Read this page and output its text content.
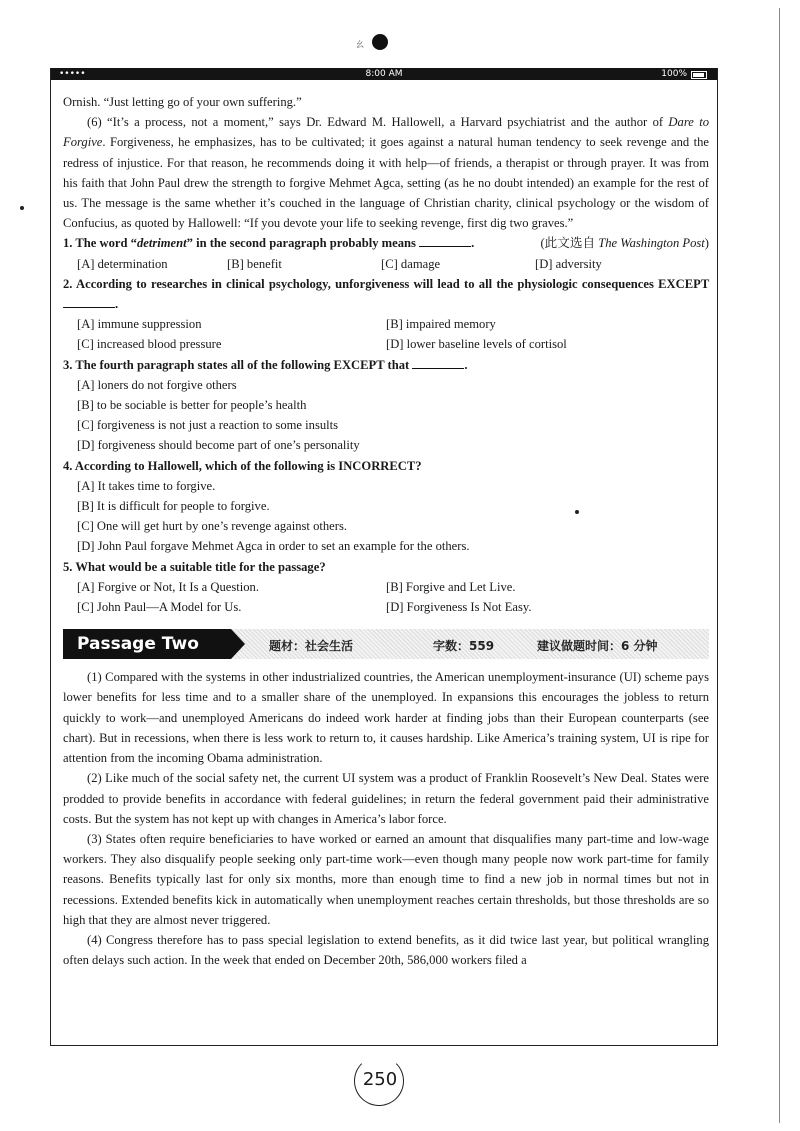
幺
•••••	8:00 AM	100%

Ornish. “Just letting go of your own suffering.”

(6) “It’s a process, not a moment,” says Dr. Edward M. Hallowell, a Harvard psychiatrist and the author of Dare to Forgive. Forgiveness, he emphasizes, has to be cultivated; it goes against a natural human tendency to seek revenge and the redress of injustice. For that reason, he recommends doing it with help—of friends, a therapist or through prayer. It was from his faith that John Paul drew the strength to forgive Mehmet Agca, setting (as he no doubt intended) an example for the rest of us. The message is the same whether it’s couched in the language of Christian charity, clinical psychology or the wisdom of Confucius, as quoted by Hallowell: “If you devote your life to seeking revenge, first dig two graves.”
(此文选自 The Washington Post)

1. The word “detriment” in the second paragraph probably means	.

[A] determination	[B] benefit	[C] damage	[D] adversity

2. According to researches in clinical psychology, unforgiveness will lead to all the physiologic consequences EXCEPT .

[A] immune suppression	[B] impaired memory
[C] increased blood pressure	[D] lower baseline levels of cortisol

3. The fourth paragraph states all of the following EXCEPT that	.

[A] loners do not forgive others
[B] to be sociable is better for people’s health
[C] forgiveness is not just a reaction to some insults
[D] forgiveness should become part of one’s personality

4. According to Hallowell, which of the following is INCORRECT?

[A] It takes time to forgive.
[B] It is difficult for people to forgive.
[C] One will get hurt by one’s revenge against others.
[D] John Paul forgave Mehmet Agca in order to set an example for the others.

5. What would be a suitable title for the passage?

[A] Forgive or Not, It Is a Question.	[B] Forgive and Let Live.
[C] John Paul—A Model for Us.	[D] Forgiveness Is Not Easy.
Passage Two	题材：社会生活	字数：559	建议做题时间：6 分钟

(1) Compared with the systems in other industrialized countries, the American unemployment-insurance (UI) scheme pays lower benefits for less time and to a smaller share of the unemployed. In expansions this encourages the jobless to return quickly to work—and unemployed Americans do indeed work harder at finding jobs than their European counterparts (see chart). But in recessions, when there is less work to return to, it causes hardship. Like America’s training system, UI is ripe for attention from the incoming Obama administration.

(2) Like much of the social safety net, the current UI system was a product of Franklin Roosevelt’s New Deal. States were prodded to provide benefits in accordance with federal guidelines; in return the federal government paid their administrative costs. But the system has not kept up with changes in America’s labor force.

(3) States often require beneficiaries to have worked or earned an amount that disqualifies many part-time and low-wage workers. They also disqualify people seeking only part-time work—even though many people now work part-time for family reasons. Benefits typically last for only six months, more than enough time to find a new job in normal times but not in recessions. Extended benefits kick in automatically when unemployment reaches certain thresholds, but those thresholds are so high that they are almost never triggered.

(4) Congress therefore has to pass special legislation to extend benefits, as it did twice last year, but political wrangling often delays such action. In the week that ended on December 20th, 586,000 workers filed a

250
